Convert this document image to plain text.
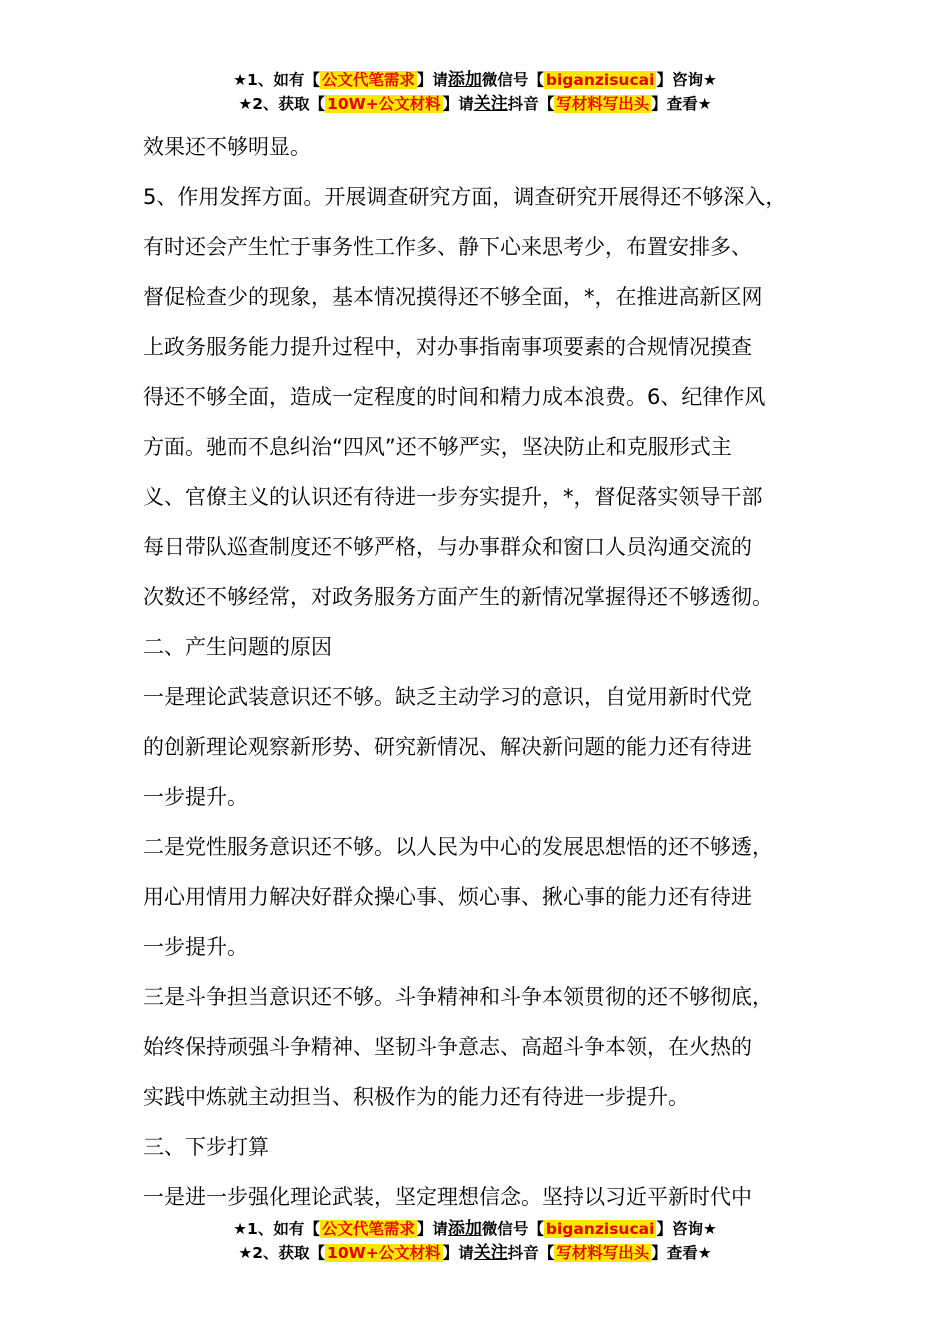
★1、如有【 公文代笔需求 】请添加微信号【 biganzisucai 】咨询★
★2、获取【 10W+公文材料 】请关注抖音【 写材料写出头 】查看★

效果还不够明显。

5、作用发挥方面。开展调查研究方面，调查研究开展得还不够深入，

有时还会产生忙于事务性工作多、静下心来思考少，布置安排多、

督促检查少的现象，基本情况摸得还不够全面，*，在推进高新区网

上政务服务能力提升过程中，对办事指南事项要素的合规情况摸查

得还不够全面，造成一定程度的时间和精力成本浪费。6、纪律作风

方面。驰而不息纠治“四风”还不够严实，坚决防止和克服形式主

义、官僚主义的认识还有待进一步夯实提升，*，督促落实领导干部

每日带队巡查制度还不够严格，与办事群众和窗口人员沟通交流的

次数还不够经常，对政务服务方面产生的新情况掌握得还不够透彻。

二、产生问题的原因

一是理论武装意识还不够。缺乏主动学习的意识，自觉用新时代党

的创新理论观察新形势、研究新情况、解决新问题的能力还有待进

一步提升。

二是党性服务意识还不够。以人民为中心的发展思想悟的还不够透，

用心用情用力解决好群众操心事、烦心事、揪心事的能力还有待进

一步提升。

三是斗争担当意识还不够。斗争精神和斗争本领贯彻的还不够彻底，

始终保持顽强斗争精神、坚韧斗争意志、高超斗争本领，在火热的

实践中炼就主动担当、积极作为的能力还有待进一步提升。

三、下步打算

一是进一步强化理论武装，坚定理想信念。坚持以习近平新时代中

★1、如有【 公文代笔需求 】请添加微信号【 biganzisucai 】咨询★
★2、获取【 10W+公文材料 】请关注抖音【 写材料写出头 】查看★
